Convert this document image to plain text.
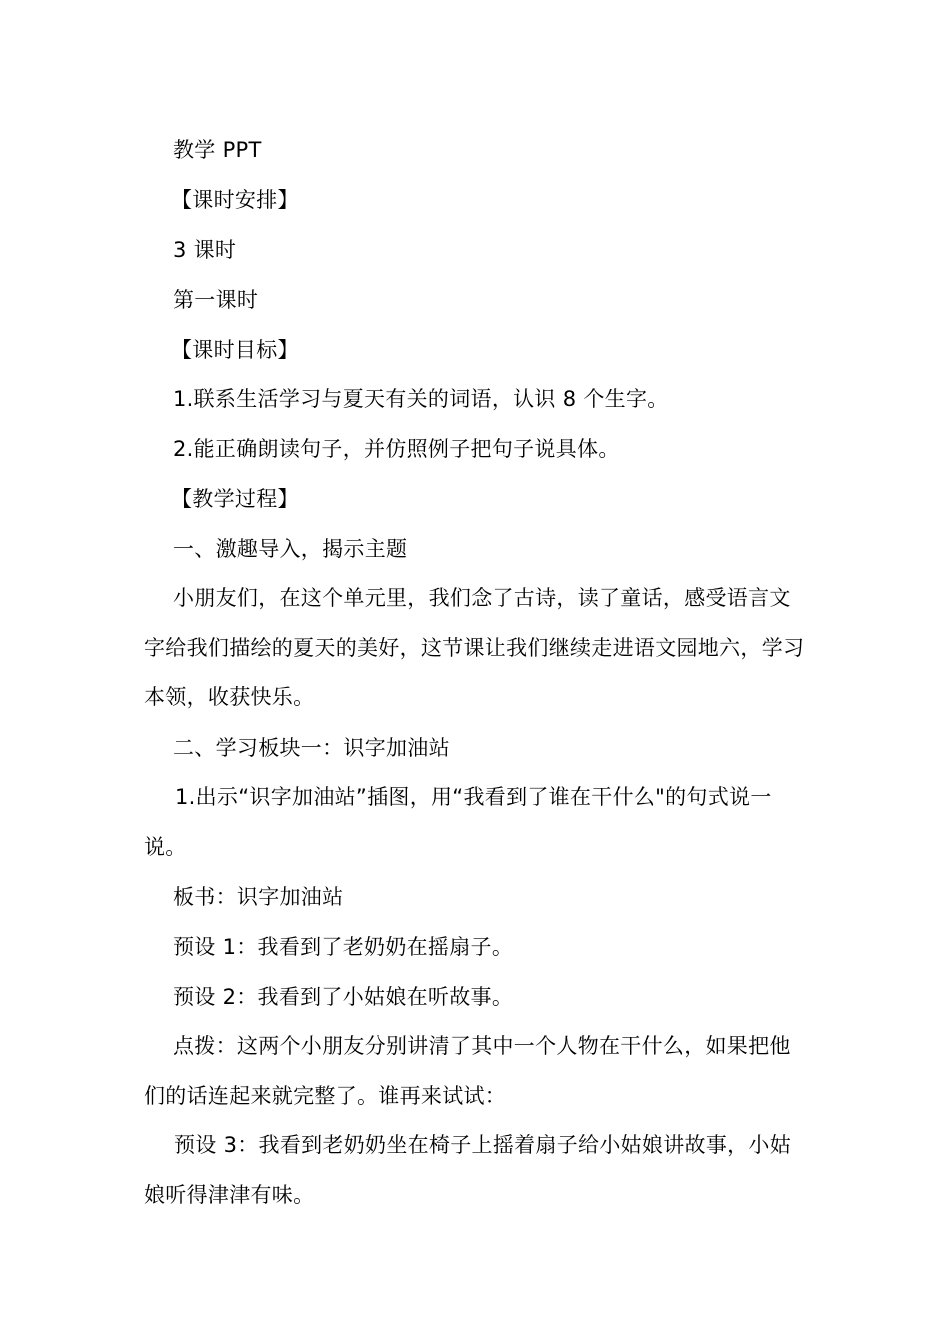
教学 PPT

【课时安排】

3 课时

第一课时

【课时目标】

1.联系生活学习与夏天有关的词语，认识 8 个生字。

2.能正确朗读句子，并仿照例子把句子说具体。

【教学过程】

一、激趣导入，揭示主题

小朋友们，在这个单元里，我们念了古诗，读了童话，感受语言文字给我们描绘的夏天的美好，这节课让我们继续走进语文园地六，学习本领，收获快乐。

二、学习板块一：识字加油站

1.出示“识字加油站”插图，用“我看到了谁在干什么"的句式说一说。

板书：识字加油站

预设 1：我看到了老奶奶在摇扇子。

预设 2：我看到了小姑娘在听故事。

点拨：这两个小朋友分别讲清了其中一个人物在干什么，如果把他们的话连起来就完整了。谁再来试试：

预设 3：我看到老奶奶坐在椅子上摇着扇子给小姑娘讲故事，小姑娘听得津津有味。
